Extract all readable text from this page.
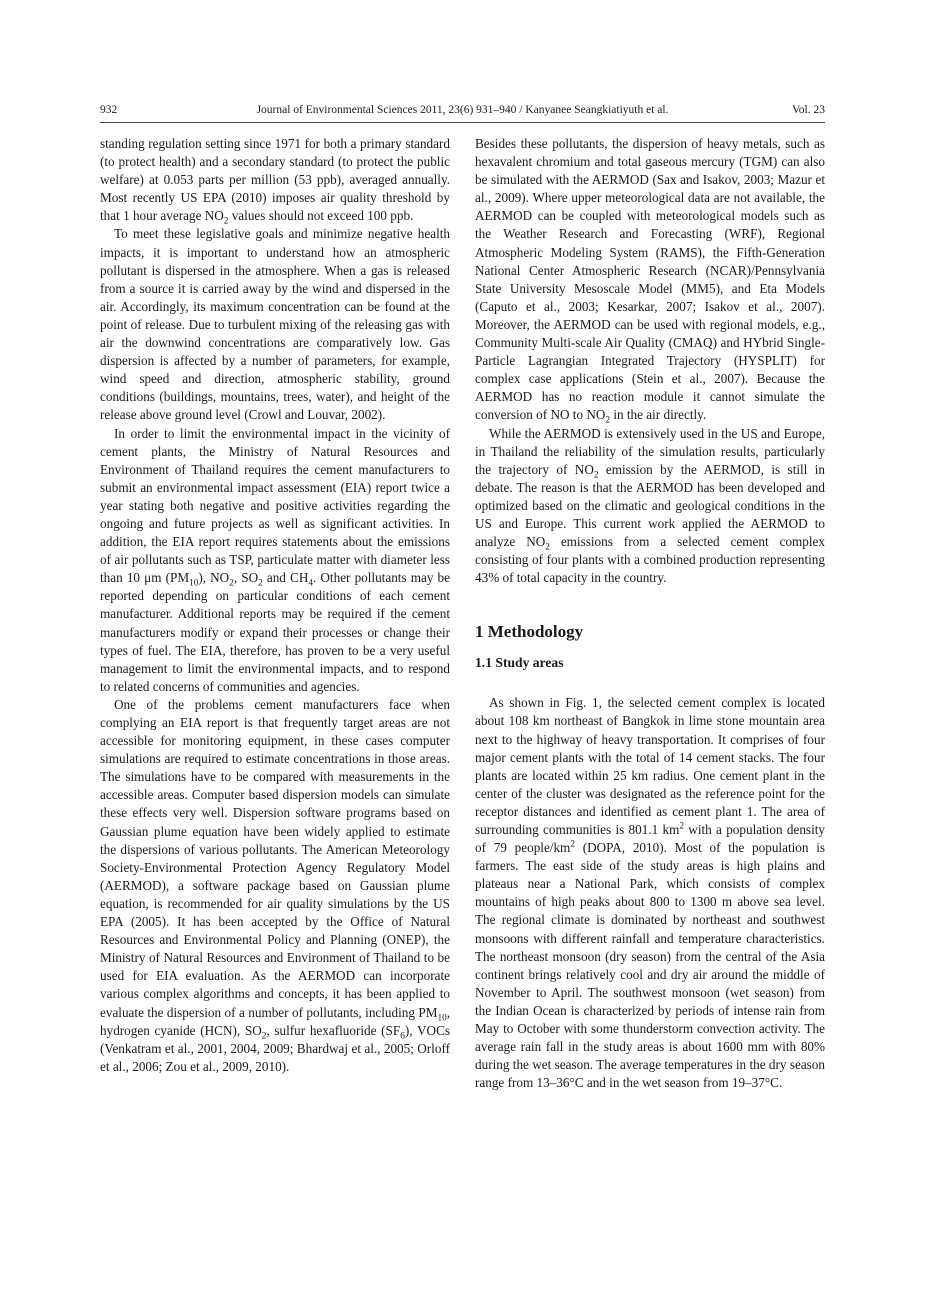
932	Journal of Environmental Sciences 2011, 23(6) 931–940 / Kanyanee Seangkiatiyuth et al.	Vol. 23

standing regulation setting since 1971 for both a primary standard (to protect health) and a secondary standard (to protect the public welfare) at 0.053 parts per million (53 ppb), averaged annually. Most recently US EPA (2010) imposes air quality threshold by that 1 hour average $NO_2$ values should not exceed 100 ppb.

To meet these legislative goals and minimize negative health impacts, it is important to understand how an atmospheric pollutant is dispersed in the atmosphere. When a gas is released from a source it is carried away by the wind and dispersed in the air. Accordingly, its maximum concentration can be found at the point of release. Due to turbulent mixing of the releasing gas with air the downwind concentrations are comparatively low. Gas dispersion is affected by a number of parameters, for example, wind speed and direction, atmospheric stability, ground conditions (buildings, mountains, trees, water), and height of the release above ground level (Crowl and Louvar, 2002).

In order to limit the environmental impact in the vicinity of cement plants, the Ministry of Natural Resources and Environment of Thailand requires the cement manufacturers to submit an environmental impact assessment (EIA) report twice a year stating both negative and positive activities regarding the ongoing and future projects as well as significant activities. In addition, the EIA report requires statements about the emissions of air pollutants such as TSP, particulate matter with diameter less than 10 μm $(PM_{10})$, $NO_2$, $SO_2$ and $CH_4$. Other pollutants may be reported depending on particular conditions of each cement manufacturer. Additional reports may be required if the cement manufacturers modify or expand their processes or change their types of fuel. The EIA, therefore, has proven to be a very useful management to limit the environmental impacts, and to respond to related concerns of communities and agencies.

One of the problems cement manufacturers face when complying an EIA report is that frequently target areas are not accessible for monitoring equipment, in these cases computer simulations are required to estimate concentrations in those areas. The simulations have to be compared with measurements in the accessible areas. Computer based dispersion models can simulate these effects very well. Dispersion software programs based on Gaussian plume equation have been widely applied to estimate the dispersions of various pollutants. The American Meteorology Society-Environmental Protection Agency Regulatory Model (AERMOD), a software package based on Gaussian plume equation, is recommended for air quality simulations by the US EPA (2005). It has been accepted by the Office of Natural Resources and Environmental Policy and Planning (ONEP), the Ministry of Natural Resources and Environment of Thailand to be used for EIA evaluation. As the AERMOD can incorporate various complex algorithms and concepts, it has been applied to evaluate the dispersion of a number of pollutants, including $PM_{10}$, hydrogen cyanide (HCN), $SO_2$, sulfur hexafluoride $(SF_6)$, VOCs (Venkatram et al., 2001, 2004, 2009; Bhardwaj et al., 2005; Orloff et al., 2006; Zou et al., 2009, 2010).

Besides these pollutants, the dispersion of heavy metals, such as hexavalent chromium and total gaseous mercury (TGM) can also be simulated with the AERMOD (Sax and Isakov, 2003; Mazur et al., 2009). Where upper meteorological data are not available, the AERMOD can be coupled with meteorological models such as the Weather Research and Forecasting (WRF), Regional Atmospheric Modeling System (RAMS), the Fifth-Generation National Center Atmospheric Research (NCAR)/Pennsylvania State University Mesoscale Model (MM5), and Eta Models (Caputo et al., 2003; Kesarkar, 2007; Isakov et al., 2007). Moreover, the AERMOD can be used with regional models, e.g., Community Multi-scale Air Quality (CMAQ) and HYbrid Single-Particle Lagrangian Integrated Trajectory (HYSPLIT) for complex case applications (Stein et al., 2007). Because the AERMOD has no reaction module it cannot simulate the conversion of NO to $NO_2$ in the air directly.

While the AERMOD is extensively used in the US and Europe, in Thailand the reliability of the simulation results, particularly the trajectory of $NO_2$ emission by the AERMOD, is still in debate. The reason is that the AERMOD has been developed and optimized based on the climatic and geological conditions in the US and Europe. This current work applied the AERMOD to analyze $NO_2$ emissions from a selected cement complex consisting of four plants with a combined production representing 43% of total capacity in the country.

1 Methodology
1.1 Study areas

As shown in Fig. 1, the selected cement complex is located about 108 km northeast of Bangkok in lime stone mountain area next to the highway of heavy transportation. It comprises of four major cement plants with the total of 14 cement stacks. The four plants are located within 25 km radius. One cement plant in the center of the cluster was designated as the reference point for the receptor distances and identified as cement plant 1. The area of surrounding communities is 801.1 $km^2$ with a population density of 79 people/$km^2$ (DOPA, 2010). Most of the population is farmers. The east side of the study areas is high plains and plateaus near a National Park, which consists of complex mountains of high peaks about 800 to 1300 m above sea level. The regional climate is dominated by northeast and southwest monsoons with different rainfall and temperature characteristics. The northeast monsoon (dry season) from the central of the Asia continent brings relatively cool and dry air around the middle of November to April. The southwest monsoon (wet season) from the Indian Ocean is characterized by periods of intense rain from May to October with some thunderstorm convection activity. The average rain fall in the study areas is about 1600 mm with 80% during the wet season. The average temperatures in the dry season range from 13–36°C and in the wet season from 19–37°C.
